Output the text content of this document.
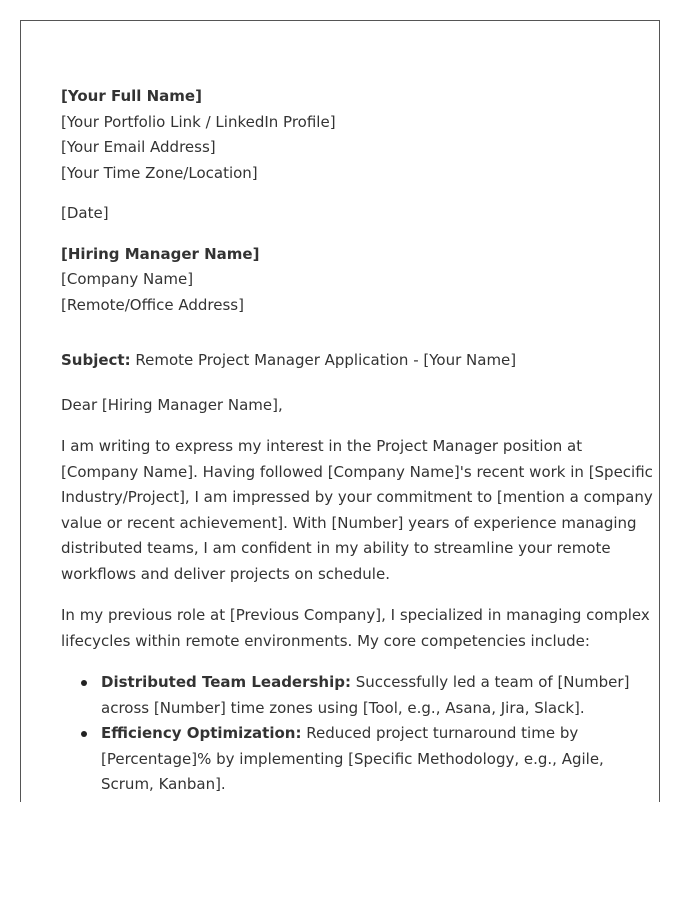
[Your Full Name]
[Your Portfolio Link / LinkedIn Profile]
[Your Email Address]
[Your Time Zone/Location]
[Date]
[Hiring Manager Name]
[Company Name]
[Remote/Office Address]
Subject: Remote Project Manager Application - [Your Name]
Dear [Hiring Manager Name],
I am writing to express my interest in the Project Manager position at
[Company Name]. Having followed [Company Name]'s recent work in [Specific
Industry/Project], I am impressed by your commitment to [mention a company
value or recent achievement]. With [Number] years of experience managing
distributed teams, I am confident in my ability to streamline your remote
workflows and deliver projects on schedule.
In my previous role at [Previous Company], I specialized in managing complex
lifecycles within remote environments. My core competencies include:
Distributed Team Leadership: Successfully led a team of [Number]
across [Number] time zones using [Tool, e.g., Asana, Jira, Slack].
Efficiency Optimization: Reduced project turnaround time by
[Percentage]% by implementing [Specific Methodology, e.g., Agile,
Scrum, Kanban].
